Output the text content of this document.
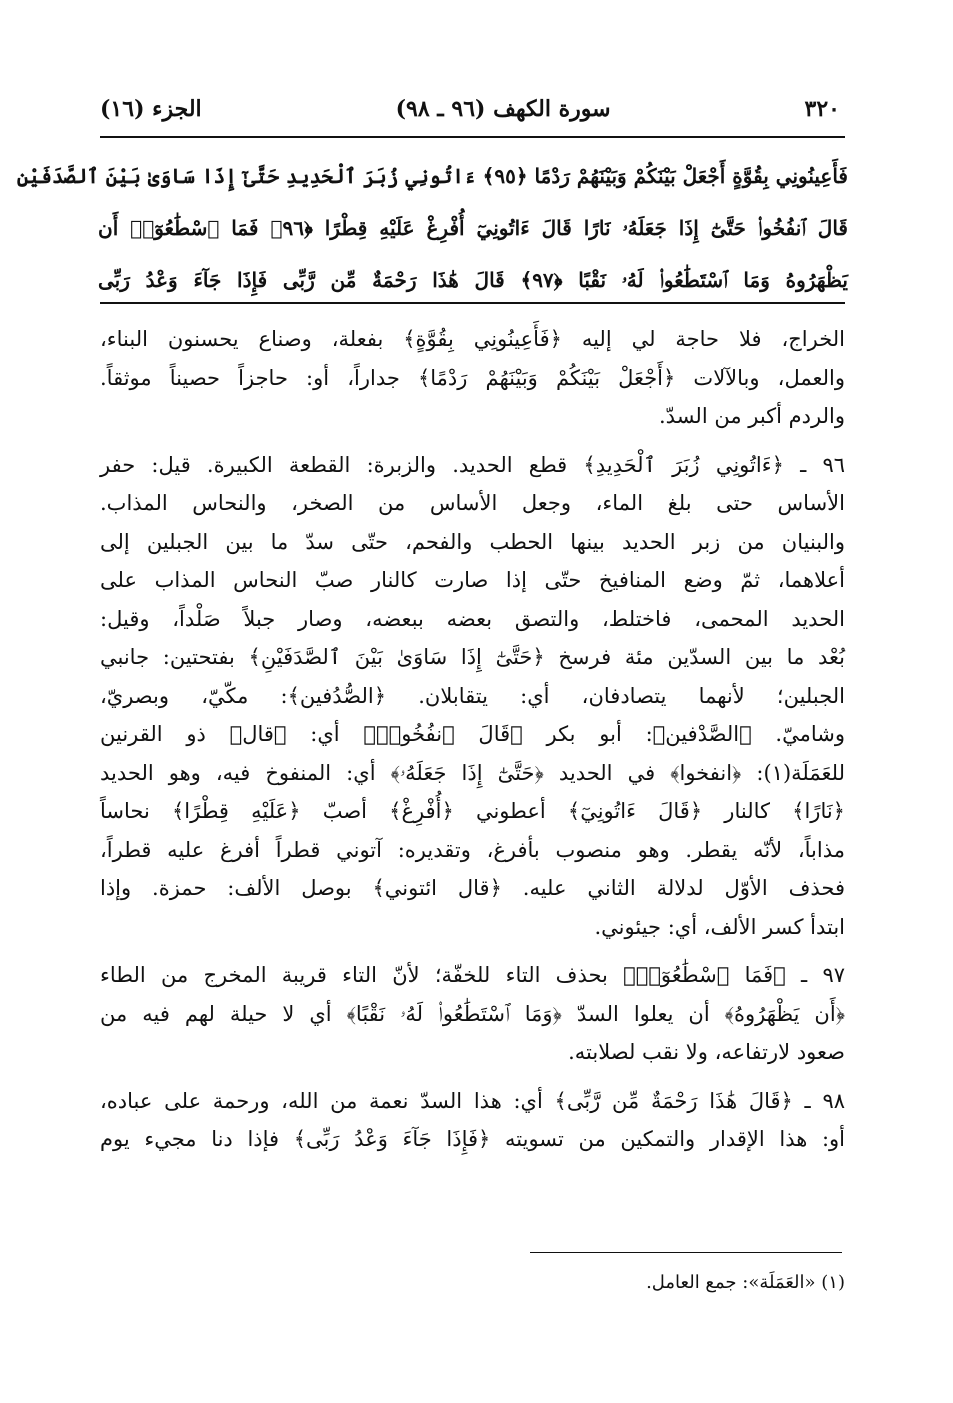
٣٢٠
سورة الكهف (٩٦ ـ ٩٨)
الجزء (١٦)
فَأَعِينُونِي بِقُوَّةٍ أَجْعَلْ بَيْنَكُمْ وَبَيْنَهُمْ رَدْمًا ﴿٩٥﴾ ءَاتُونِي زُبَرَ ٱلْحَدِيدِ حَتَّىٰٓ إِذَا سَاوَىٰ بَيْنَ ٱلصَّدَفَيْنِ
قَالَ ٱنفُخُوا۟ حَتَّىٰٓ إِذَا جَعَلَهُۥ نَارًا قَالَ ءَاتُونِيٓ أُفْرِغْ عَلَيْهِ قِطْرًا ﴿٩٦﴾ فَمَا ٱسْطَٰعُوٓا۟ أَن
يَظْهَرُوهُ وَمَا ٱسْتَطَٰعُوا۟ لَهُۥ نَقْبًا ﴿٩٧﴾ قَالَ هَٰذَا رَحْمَةٌ مِّن رَّبِّى فَإِذَا جَآءَ وَعْدُ رَبِّى

الخراج، فلا حاجة لي إليه ﴿فَأَعِينُونِي بِقُوَّةٍ﴾ بفعلة، وصناع يحسنون البناء،
والعمل، وبالآلات ﴿أَجْعَلْ بَيْنَكُمْ وَبَيْنَهُمْ رَدْمًا﴾ جداراً، أو: حاجزاً حصيناً موثقاً.
والردم أكبر من السدّ.

٩٦ ـ ﴿ءَاتُونِي زُبَرَ ٱلْحَدِيدِ﴾ قطع الحديد. والزبرة: القطعة الكبيرة. قيل: حفر
الأساس حتى بلغ الماء، وجعل الأساس من الصخر، والنحاس المذاب.
والبنيان من زبر الحديد بينها الحطب والفحم، حتّى سدّ ما بين الجبلين إلى
أعلاهما، ثمّ وضع المنافيخ حتّى إذا صارت كالنار صبّ النحاس المذاب على
الحديد المحمى، فاختلط، والتصق بعضه ببعضه، وصار جبلاً صَلْداً، وقيل:
بُعْد ما بين السدّين مئة فرسخ ﴿حَتَّىٰٓ إِذَا سَاوَىٰ بَيْنَ ٱلصَّدَفَيْنِ﴾ بفتحتين: جانبي
الجبلين؛ لأنهما يتصادفان، أي: يتقابلان. ﴿الصُّدُفين﴾: مكّيّ، وبصريّ،
وشاميّ. ﴿الصَّدْفين﴾: أبو بكر ﴿قَالَ ٱنفُخُوا۟﴾ أي: ﴿قال﴾ ذو القرنين
للعَمَلَة(١): ﴿انفخوا﴾ في الحديد ﴿حَتَّىٰٓ إِذَا جَعَلَهُۥ﴾ أي: المنفوخ فيه، وهو الحديد
﴿نَارًا﴾ كالنار ﴿قَالَ ءَاتُونِيٓ﴾ أعطوني ﴿أُفْرِغْ﴾ أصبّ ﴿عَلَيْهِ قِطْرًا﴾ نحاساً
مذاباً، لأنّه يقطر. وهو منصوب بأفرغ، وتقديره: آتوني قطراً أفرغ عليه قطراً،
فحذف الأوّل لدلالة الثاني عليه. ﴿قال ائتوني﴾ بوصل الألف: حمزة. وإذا
ابتدأ كسر الألف، أي: جيئوني.

٩٧ ـ ﴿فَمَا ٱسْطَٰعُوٓا۟﴾ بحذف التاء للخفّة؛ لأنّ التاء قريبة المخرج من الطاء
﴿أَن يَظْهَرُوهُ﴾ أن يعلوا السدّ ﴿وَمَا ٱسْتَطَٰعُوا۟ لَهُۥ نَقْبًا﴾ أي لا حيلة لهم فيه من
صعود لارتفاعه، ولا نقب لصلابته.

٩٨ ـ ﴿قَالَ هَٰذَا رَحْمَةٌ مِّن رَّبِّى﴾ أي: هذا السدّ نعمة من الله، ورحمة على عباده،
أو: هذا الإقدار والتمكين من تسويته ﴿فَإِذَا جَآءَ وَعْدُ رَبِّى﴾ فإذا دنا مجيء يوم

(١) «العَمَلَة»: جمع العامل.
